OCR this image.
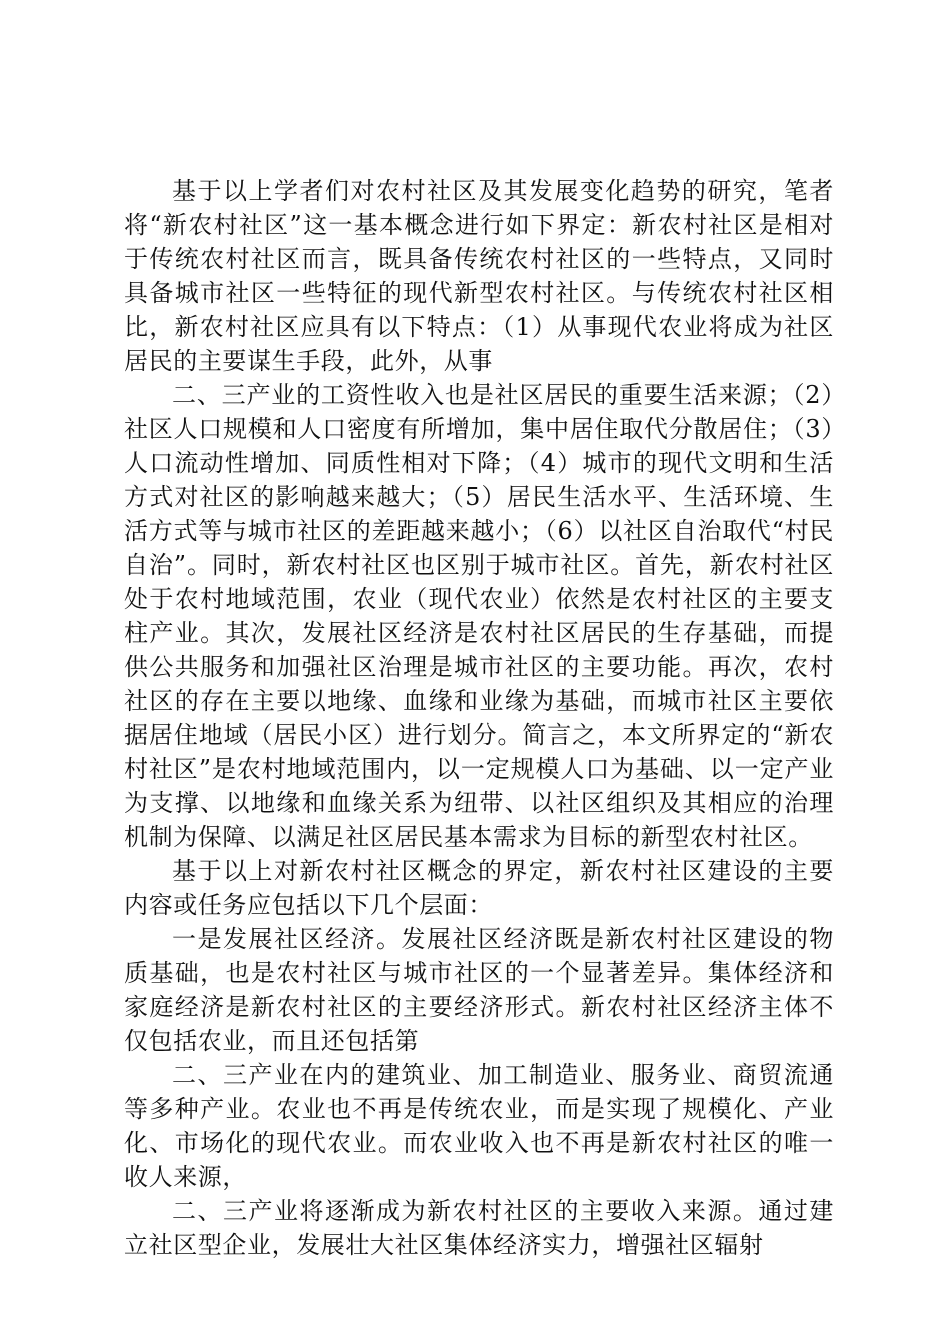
基于以上学者们对农村社区及其发展变化趋势的研究，笔者将“新农村社区”这一基本概念进行如下界定：新农村社区是相对于传统农村社区而言，既具备传统农村社区的一些特点，又同时具备城市社区一些特征的现代新型农村社区。与传统农村社区相比，新农村社区应具有以下特点：（1）从事现代农业将成为社区居民的主要谋生手段，此外，从事

二、三产业的工资性收入也是社区居民的重要生活来源；（2）社区人口规模和人口密度有所增加，集中居住取代分散居住；（3）人口流动性增加、同质性相对下降；（4）城市的现代文明和生活方式对社区的影响越来越大；（5）居民生活水平、生活环境、生活方式等与城市社区的差距越来越小；（6）以社区自治取代“村民自治”。同时，新农村社区也区别于城市社区。首先，新农村社区处于农村地域范围，农业（现代农业）依然是农村社区的主要支柱产业。其次，发展社区经济是农村社区居民的生存基础，而提供公共服务和加强社区治理是城市社区的主要功能。再次，农村社区的存在主要以地缘、血缘和业缘为基础，而城市社区主要依据居住地域（居民小区）进行划分。简言之，本文所界定的“新农村社区”是农村地域范围内，以一定规模人口为基础、以一定产业为支撑、以地缘和血缘关系为纽带、以社区组织及其相应的治理机制为保障、以满足社区居民基本需求为目标的新型农村社区。

基于以上对新农村社区概念的界定，新农村社区建设的主要内容或任务应包括以下几个层面：

一是发展社区经济。发展社区经济既是新农村社区建设的物质基础，也是农村社区与城市社区的一个显著差异。集体经济和家庭经济是新农村社区的主要经济形式。新农村社区经济主体不仅包括农业，而且还包括第

二、三产业在内的建筑业、加工制造业、服务业、商贸流通等多种产业。农业也不再是传统农业，而是实现了规模化、产业化、市场化的现代农业。而农业收入也不再是新农村社区的唯一收人来源，

二、三产业将逐渐成为新农村社区的主要收入来源。通过建立社区型企业，发展壮大社区集体经济实力，增强社区辐射
